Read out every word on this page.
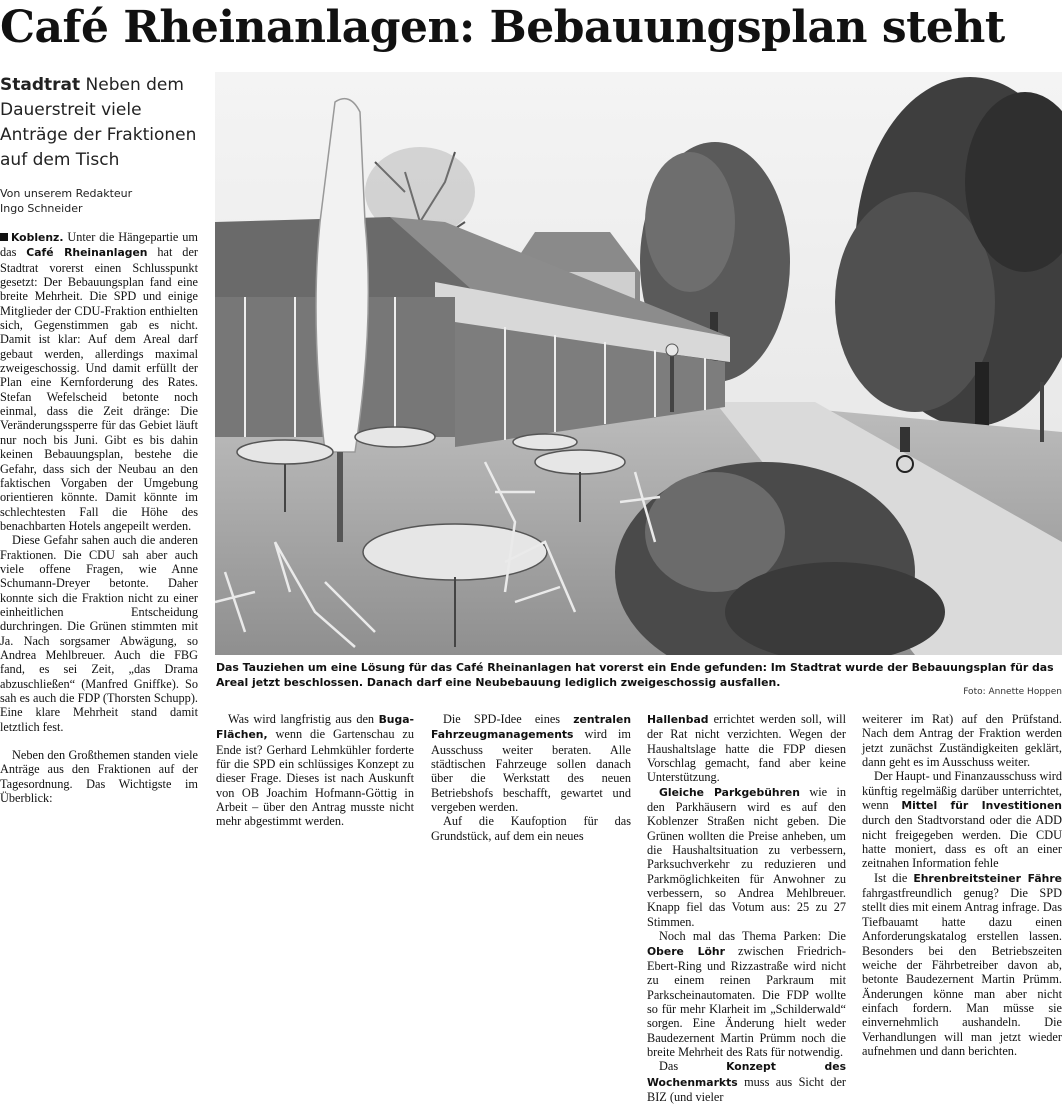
Café Rheinanlagen: Bebauungsplan steht
Stadtrat Neben dem Dauerstreit viele Anträge der Fraktionen auf dem Tisch
Von unserem Redakteur
Ingo Schneider

Koblenz. Unter die Hängepartie um das Café Rheinanlagen hat der Stadtrat vorerst einen Schlusspunkt gesetzt: Der Bebauungsplan fand eine breite Mehrheit. Die SPD und einige Mitglieder der CDU-Fraktion enthielten sich, Gegenstimmen gab es nicht. Damit ist klar: Auf dem Areal darf gebaut werden, allerdings maximal zweigeschossig. Und damit erfüllt der Plan eine Kernforderung des Rates. Stefan Wefelscheid betonte noch einmal, dass die Zeit dränge: Die Veränderungssperre für das Gebiet läuft nur noch bis Juni. Gibt es bis dahin keinen Bebauungsplan, bestehe die Gefahr, dass sich der Neubau an den faktischen Vorgaben der Umgebung orientieren könnte. Damit könnte im schlechtesten Fall die Höhe des benachbarten Hotels angepeilt werden.

Diese Gefahr sahen auch die anderen Fraktionen. Die CDU sah aber auch viele offene Fragen, wie Anne Schumann-Dreyer betonte. Daher konnte sich die Fraktion nicht zu einer einheitlichen Entscheidung durchringen. Die Grünen stimmten mit Ja. Nach sorgsamer Abwägung, so Andrea Mehlbreuer. Auch die FBG fand, es sei Zeit, „das Drama abzuschließen“ (Manfred Gniffke). So sah es auch die FDP (Thorsten Schupp). Eine klare Mehrheit stand damit letztlich fest.

Neben den Großthemen standen viele Anträge aus den Fraktionen auf der Tagesordnung. Das Wichtigste im Überblick:

Das Tauziehen um eine Lösung für das Café Rheinanlagen hat vorerst ein Ende gefunden: Im Stadtrat wurde der Bebauungsplan für das Areal jetzt beschlossen. Danach darf eine Neubebauung lediglich zweigeschossig ausfallen.
Foto: Annette Hoppen

Was wird langfristig aus den Buga-Flächen, wenn die Gartenschau zu Ende ist? Gerhard Lehmkühler forderte für die SPD ein schlüssiges Konzept zu dieser Frage. Dieses ist nach Auskunft von OB Joachim Hofmann-Göttig in Arbeit – über den Antrag musste nicht mehr abgestimmt werden.

Die SPD-Idee eines zentralen Fahrzeugmanagements wird im Ausschuss weiter beraten. Alle städtischen Fahrzeuge sollen danach über die Werkstatt des neuen Betriebshofs beschafft, gewartet und vergeben werden.

Auf die Kaufoption für das Grundstück, auf dem ein neues

Hallenbad errichtet werden soll, will der Rat nicht verzichten. Wegen der Haushaltslage hatte die FDP diesen Vorschlag gemacht, fand aber keine Unterstützung.

Gleiche Parkgebühren wie in den Parkhäusern wird es auf den Koblenzer Straßen nicht geben. Die Grünen wollten die Preise anheben, um die Haushaltsituation zu verbessern, Parksuchverkehr zu reduzieren und Parkmöglichkeiten für Anwohner zu verbessern, so Andrea Mehlbreuer. Knapp fiel das Votum aus: 25 zu 27 Stimmen.

Noch mal das Thema Parken: Die Obere Löhr zwischen Friedrich-Ebert-Ring und Rizzastraße wird nicht zu einem reinen Parkraum mit Parkscheinautomaten. Die FDP wollte so für mehr Klarheit im „Schilderwald“ sorgen. Eine Änderung hielt weder Baudezernent Martin Prümm noch die breite Mehrheit des Rats für notwendig.

Das	Konzept des Wochenmarkts muss aus Sicht der BIZ (und vieler

weiterer im Rat) auf den Prüfstand. Nach dem Antrag der Fraktion werden jetzt zunächst Zuständigkeiten geklärt, dann geht es im Ausschuss weiter.

Der Haupt- und Finanzausschuss wird künftig regelmäßig darüber unterrichtet, wenn Mittel für Investitionen durch den Stadtvorstand oder die ADD nicht freigegeben werden. Die CDU hatte moniert, dass es oft an einer zeitnahen Information fehle

Ist die Ehrenbreitsteiner Fähre fahrgastfreundlich genug? Die SPD stellt dies mit einem Antrag infrage. Das Tiefbauamt hatte dazu einen Anforderungskatalog erstellen lassen. Besonders bei den Betriebszeiten weiche der Fährbetreiber davon ab, betonte Baudezernent Martin Prümm. Änderungen könne man aber nicht einfach fordern. Man müsse sie einvernehmlich aushandeln. Die Verhandlungen will man jetzt wieder aufnehmen und dann berichten.
